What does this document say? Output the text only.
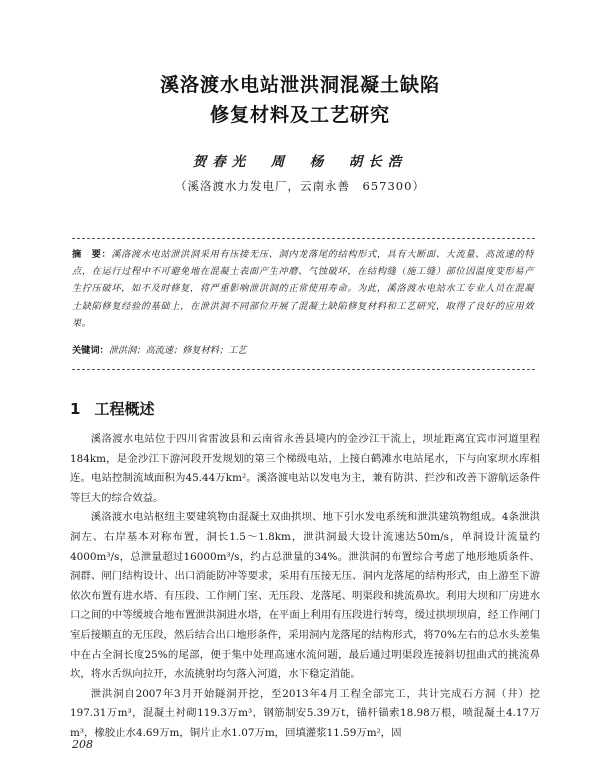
溪洛渡水电站泄洪洞混凝土缺陷
修复材料及工艺研究
贺春光　周　杨　胡长浩
（溪洛渡水力发电厂，云南永善　657300）
摘　要：溪洛渡水电站泄洪洞采用有压接无压、洞内龙落尾的结构形式，具有大断面、大流量、高流速的特点，在运行过程中不可避免地在混凝土表面产生冲磨、气蚀破坏，在结构缝（施工缝）部位因温度变形易产生拧压破坏，如不及时修复，将严重影响泄洪洞的正常使用寿命。为此，溪洛渡水电站水工专业人员在混凝土缺陷修复经验的基础上，在泄洪洞不同部位开展了混凝土缺陷修复材料和工艺研究，取得了良好的应用效果。
关键词：泄洪洞；高流速；修复材料；工艺
1 工程概述

溪洛渡水电站位于四川省雷波县和云南省永善县境内的金沙江干流上，坝址距离宜宾市河道里程184km，是金沙江下游河段开发规划的第三个梯级电站，上接白鹤滩水电站尾水，下与向家坝水库相连。电站控制流域面积为45.44万km²。溪洛渡电站以发电为主，兼有防洪、拦沙和改善下游航运条件等巨大的综合效益。

溪洛渡水电站枢纽主要建筑物由混凝土双曲拱坝、地下引水发电系统和泄洪建筑物组成。4条泄洪洞左、右岸基本对称布置，洞长1.5～1.8km，泄洪洞最大设计流速达50m/s，单洞设计流量约4000m³/s，总泄量超过16000m³/s，约占总泄量的34%。泄洪洞的布置综合考虑了地形地质条件、洞群、闸门结构设计、出口消能防冲等要求，采用有压接无压、洞内龙落尾的结构形式，由上游至下游依次布置有进水塔、有压段、工作闸门室、无压段、龙落尾、明渠段和挑流鼻坎。利用大坝和厂房进水口之间的中等缓坡合地布置泄洪洞进水塔，在平面上利用有压段进行转弯，缓过拱坝坝肩，经工作闸门室后接顺直的无压段，然后结合出口地形条件，采用洞内龙落尾的结构形式，将70%左右的总水头差集中在占全洞长度25%的尾部，便于集中处理高速水流问题，最后通过明渠段连接斜切扭曲式的挑流鼻坎，将水舌纵向拉开，水流挑射均匀落入河道，水下稳定消能。

泄洪洞自2007年3月开始隧洞开挖，至2013年4月工程全部完工，共计完成石方洞（井）挖197.31万m³，混凝土衬砌119.3万m³，钢筋制安5.39万t，锚杆锚索18.98万根，喷混凝土4.17万m³，橡胶止水4.69万m，铜片止水1.07万m，回填灌浆11.59万m²，固

208
